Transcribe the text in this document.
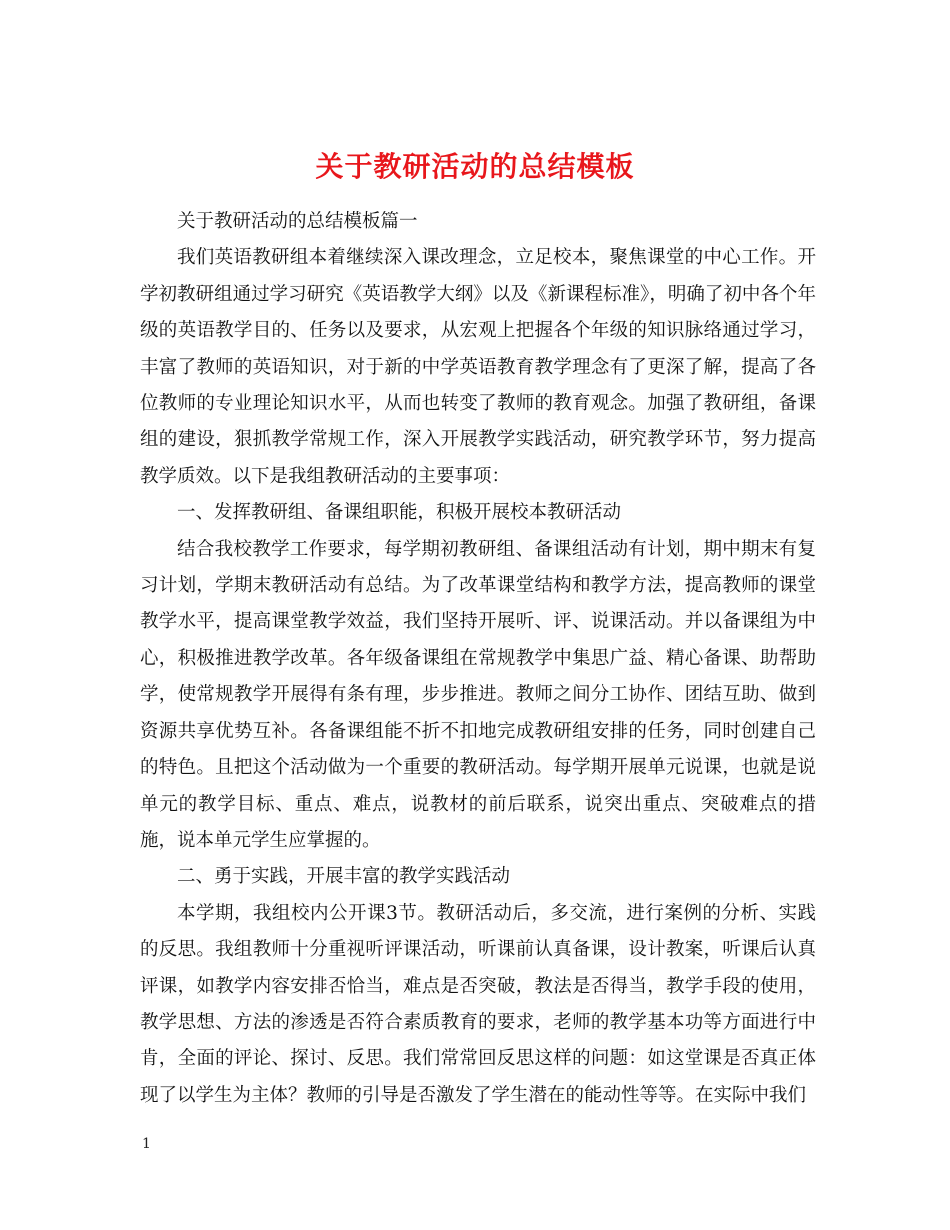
关于教研活动的总结模板

关于教研活动的总结模板篇一

我们英语教研组本着继续深入课改理念，立足校本，聚焦课堂的中心工作。开学初教研组通过学习研究《英语教学大纲》以及《新课程标准》，明确了初中各个年级的英语教学目的、任务以及要求，从宏观上把握各个年级的知识脉络通过学习，丰富了教师的英语知识，对于新的中学英语教育教学理念有了更深了解，提高了各位教师的专业理论知识水平，从而也转变了教师的教育观念。加强了教研组，备课组的建设，狠抓教学常规工作，深入开展教学实践活动，研究教学环节，努力提高教学质效。以下是我组教研活动的主要事项：

一、发挥教研组、备课组职能，积极开展校本教研活动

结合我校教学工作要求，每学期初教研组、备课组活动有计划，期中期末有复习计划，学期末教研活动有总结。为了改革课堂结构和教学方法，提高教师的课堂教学水平，提高课堂教学效益，我们坚持开展听、评、说课活动。并以备课组为中心，积极推进教学改革。各年级备课组在常规教学中集思广益、精心备课、助帮助学，使常规教学开展得有条有理，步步推进。教师之间分工协作、团结互助、做到资源共享优势互补。各备课组能不折不扣地完成教研组安排的任务，同时创建自己的特色。且把这个活动做为一个重要的教研活动。每学期开展单元说课，也就是说单元的教学目标、重点、难点，说教材的前后联系，说突出重点、突破难点的措施，说本单元学生应掌握的。

二、勇于实践，开展丰富的教学实践活动

本学期，我组校内公开课3节。教研活动后，多交流，进行案例的分析、实践的反思。我组教师十分重视听评课活动，听课前认真备课，设计教案，听课后认真评课，如教学内容安排否恰当，难点是否突破，教法是否得当，教学手段的使用，教学思想、方法的渗透是否符合素质教育的要求，老师的教学基本功等方面进行中肯，全面的评论、探讨、反思。我们常常回反思这样的问题：如这堂课是否真正体现了以学生为主体？教师的引导是否激发了学生潜在的能动性等等。在实际中我们

1
